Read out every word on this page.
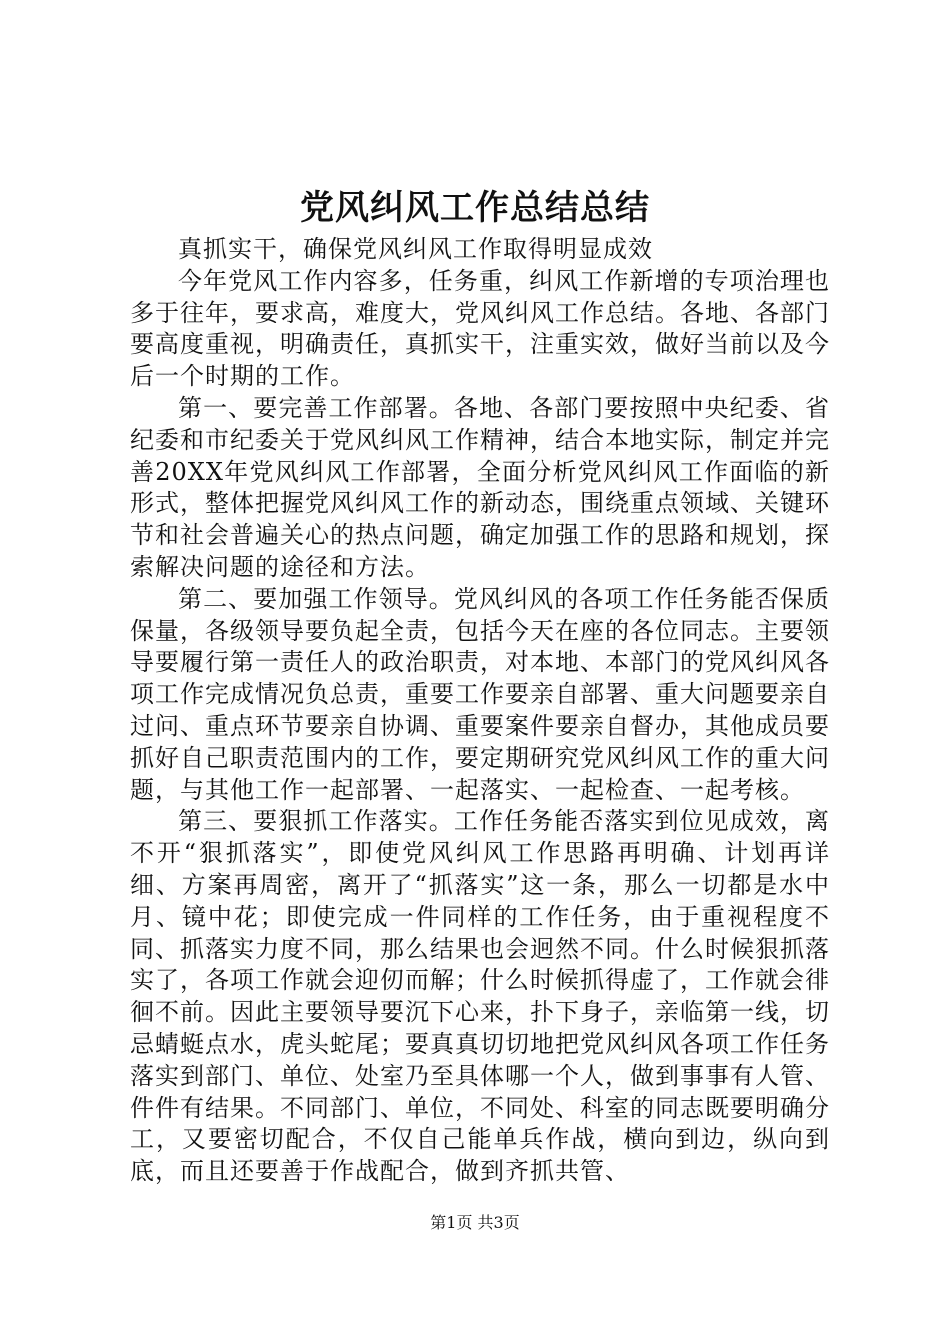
党风纠风工作总结总结

真抓实干，确保党风纠风工作取得明显成效

今年党风工作内容多，任务重，纠风工作新增的专项治理也多于往年，要求高，难度大，党风纠风工作总结。各地、各部门要高度重视，明确责任，真抓实干，注重实效，做好当前以及今后一个时期的工作。

第一、要完善工作部署。各地、各部门要按照中央纪委、省纪委和市纪委关于党风纠风工作精神，结合本地实际，制定并完善20XX年党风纠风工作部署，全面分析党风纠风工作面临的新形式，整体把握党风纠风工作的新动态，围绕重点领域、关键环节和社会普遍关心的热点问题，确定加强工作的思路和规划，探索解决问题的途径和方法。

第二、要加强工作领导。党风纠风的各项工作任务能否保质保量，各级领导要负起全责，包括今天在座的各位同志。主要领导要履行第一责任人的政治职责，对本地、本部门的党风纠风各项工作完成情况负总责，重要工作要亲自部署、重大问题要亲自过问、重点环节要亲自协调、重要案件要亲自督办，其他成员要抓好自己职责范围内的工作，要定期研究党风纠风工作的重大问题，与其他工作一起部署、一起落实、一起检查、一起考核。

第三、要狠抓工作落实。工作任务能否落实到位见成效，离不开“狠抓落实”，即使党风纠风工作思路再明确、计划再详细、方案再周密，离开了“抓落实”这一条，那么一切都是水中月、镜中花；即使完成一件同样的工作任务，由于重视程度不同、抓落实力度不同，那么结果也会迥然不同。什么时候狠抓落实了，各项工作就会迎仞而解；什么时候抓得虚了，工作就会徘徊不前。因此主要领导要沉下心来，扑下身子，亲临第一线，切忌蜻蜓点水，虎头蛇尾；要真真切切地把党风纠风各项工作任务落实到部门、单位、处室乃至具体哪一个人，做到事事有人管、件件有结果。不同部门、单位，不同处、科室的同志既要明确分工，又要密切配合，不仅自己能单兵作战，横向到边，纵向到底，而且还要善于作战配合，做到齐抓共管、

第1页 共3页
